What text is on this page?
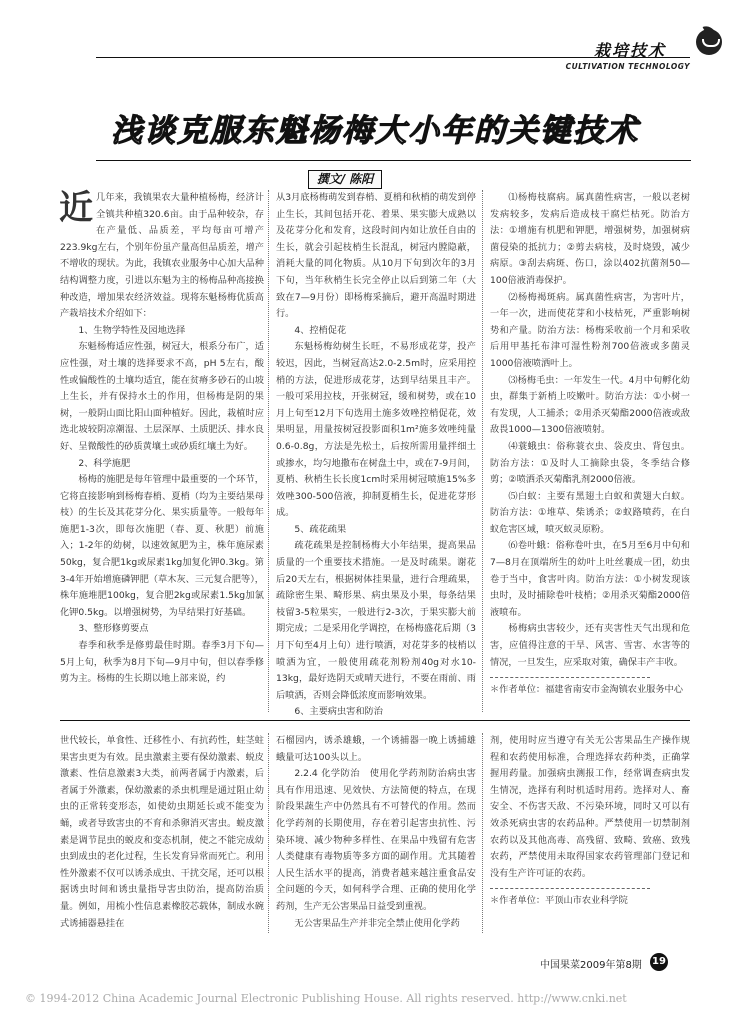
栽培技术
CULTIVATION TECHNOLOGY
浅谈克服东魁杨梅大小年的关键技术
撰文/ 陈阳

近几年来，我镇果农大量种植杨梅，经济计全镇共种植320.6亩。由于品种较杂，存在产量低、品质差，平均每亩可增产223.9kg左右，个别年份虽产量高但品质差，增产不增收的现状。为此，我镇农业服务中心加大品种结构调整力度，引进以东魁为主的杨梅品种高接换种改造，增加果农经济效益。现将东魁杨梅优质高产栽培技术介绍如下：

1、生物学特性及园地选择

东魁杨梅适应性强，树冠大，根系分布广，适应性强，对土壤的选择要求不高，pH 5左右，酸性或偏酸性的土壤均适宜，能在贫瘠多砂石的山坡上生长，并有保持水土的作用，但杨梅是阴的果树，一般阴山面比阳山面种植好。因此，栽植时应选北坡较阴凉潮湿、土层深厚、土质肥沃、排水良好、呈微酸性的砂质黄壤土或砂质红壤土为好。

2、科学施肥

杨梅的施肥是每年管理中最重要的一个环节，它将直接影响到杨梅春梢、夏梢（均为主要结果母枝）的生长及其花芽分化、果实质量等。一般每年施肥1-3次，即每次施肥（春、夏、秋肥）前施入；1-2年的幼树，以速效氮肥为主，株年施尿素50kg，复合肥1kg或尿素1kg加复化钾0.3kg。第3-4年开始增施磷钾肥（草木灰、三元复合肥等），株年施堆肥100kg，复合肥2kg或尿素1.5kg加氯化钾0.5kg。以增强树势，为早结果打好基础。

3、整形修剪要点

春季和秋季是修剪最佳时期。春季3月下旬—5月上旬，秋季为8月下旬—9月中旬，但以春季修剪为主。杨梅的生长期以地上部来说，约

从3月底杨梅萌发到春梢、夏梢和秋梢的萌发到停止生长，其间包括开花、着果、果实膨大成熟以及花芽分化和发育，这段时间内如让放任自由的生长，就会引起枝梢生长混乱，树冠内膛隐蔽，消耗大量的同化物质。从10月下旬到次年的3月下旬，当年秋梢生长完全停止以后到第二年（大致在7—9月份）即杨梅采摘后，避开高温时期进行。

4、控梢促花

东魁杨梅幼树生长旺，不易形成花芽，投产较迟，因此，当树冠高达2.0-2.5m时，应采用控梢的方法，促进形成花芽，达到早结果且丰产。一般可采用拉枝，开张树冠，缓和树势，或在10月上旬至12月下旬选用土施多效唑控梢促花，效果明显，用量按树冠投影面积1m²施多效唑纯量0.6-0.8g，方法是先松土，后按所需用量拌细土或掺水，均匀地撒布在树盘土中，或在7-9月间，夏梢、秋梢生长长度1cm时采用树冠喷施15%多效唑300-500倍液，抑制夏梢生长，促进花芽形成。

5、疏花疏果

疏花疏果是控制杨梅大小年结果，提高果品质量的一个重要技术措施。一是及时疏果。谢花后20天左右，根据树体挂果量，进行合理疏果，疏除密生果、畸形果、病虫果及小果，每条结果枝留3-5粒果实，一般进行2-3次，于果实膨大前期完成；二是采用化学调控，在杨梅盛花后期（3月下旬至4月上旬）进行喷洒，对花芽多的枝梢以喷洒为宜，一般使用疏花剂粉剂40g对水10-13kg，最好选阴天或晴天进行，不要在雨前、雨后喷洒，否则会降低浓度而影响效果。

6、主要病虫害和防治

⑴杨梅枝腐病。属真菌性病害，一般以老树发病较多，发病后造成枝干腐烂枯死。防治方法：①增施有机肥和钾肥，增强树势，加强树病菌侵染的抵抗力；②剪去病枝，及时烧毁，减少病原。③刮去病斑、伤口，涂以402抗菌剂50—100倍液消毒保护。

⑵杨梅褐斑病。属真菌性病害，为害叶片，一年一次，进而使花芽和小枝枯死，严重影响树势和产量。防治方法：杨梅采收前一个月和采收后用甲基托布津可湿性粉剂700倍液或多菌灵1000倍液喷洒叶上。

⑶杨梅毛虫：一年发生一代。4月中旬孵化幼虫，群集于新梢上咬嫩叶。防治方法：①小树一有发现，人工捕杀；②用杀灭菊酯2000倍液或敌敌畏1000—1300倍液喷射。

⑷蓑蛾虫：俗称蓑衣虫、袋皮虫、背包虫。防治方法：①及时人工摘除虫袋，冬季结合修剪；②喷洒杀灭菊酯乳剂2000倍液。

⑸白蚁：主要有黑翅土白蚁和黄翅大白蚁。防治方法：①堆草、柴诱杀；②蚁路喷药，在白蚁危害区域，喷灭蚁灵原粉。

⑹卷叶蛾：俗称卷叶虫，在5月至6月中旬和7—8月在顶端所生的幼叶上吐丝裹成一团，幼虫卷于当中，食害叶肉。防治方法：①小树发现该虫时，及时捕除卷叶枝梢；②用杀灭菊酯2000倍液喷布。

杨梅病虫害较少，还有夹害性天气出现和危害，应值得注意的干旱、风害、雪害、水害等的情况，一旦发生，应采取对策，确保丰产丰收。

＊作者单位：福建省南安市金淘镇农业服务中心

世代较长，单食性、迁移性小、有抗药性，蛀茎蛀果害虫更为有效。昆虫激素主要有保幼激素、蜕皮激素、性信息激素3大类，前两者属于内激素，后者属于外激素，保幼激素的杀虫机理是通过阻止幼虫的正常转变形态，如使幼虫期延长或不能变为蛹，或者导致害虫的不育和杀卵消灭害虫。蜕皮激素是调节昆虫的蜕皮和变态机制，使之不能完成幼虫到成虫的老化过程，生长发育异常而死亡。利用性外激素不仅可以诱杀成虫、干扰交尾，还可以根据诱虫时间和诱虫量指导害虫防治，提高防治质量。例如，用梳小性信息素橡胶芯载体，制成水碗式诱捕器悬挂在

石榴园内，诱杀雄蛾，一个诱捕器一晚上诱捕雄蛾量可达100头以上。

2.2.4 化学防治　 使用化学药剂防治病虫害具有作用迅速、见效快、方法简便的特点，在现阶段果蔬生产中仍然具有不可替代的作用。然而化学药剂的长期使用，存在着引起害虫抗性、污染环境、减少物种多样性、在果品中残留有危害人类健康有毒物质等多方面的副作用。尤其随着人民生活水平的提高，消费者越来越注重食品安全问题的今天，如何科学合理、正确的使用化学药剂，生产无公害果品日益受到重视。

无公害果品生产并非完全禁止使用化学药

剂，使用时应当遵守有关无公害果品生产操作规程和农药使用标准，合理选择农药种类，正确掌握用药量。加强病虫测报工作，经常调查病虫发生情况，选择有利时机适时用药。选择对人、畜安全、不伤害天敌、不污染环境，同时又可以有效杀死病虫害的农药品种。严禁使用一切禁制剂农药以及其他高毒、高残留、致畸、致癌、致残农药，严禁使用未取得国家农药管理部门登记和没有生产许可证的农药。

＊作者单位：平顶山市农业科学院

中国果菜2009年第8期 19
© 1994-2012 China Academic Journal Electronic Publishing House. All rights reserved. http://www.cnki.net
